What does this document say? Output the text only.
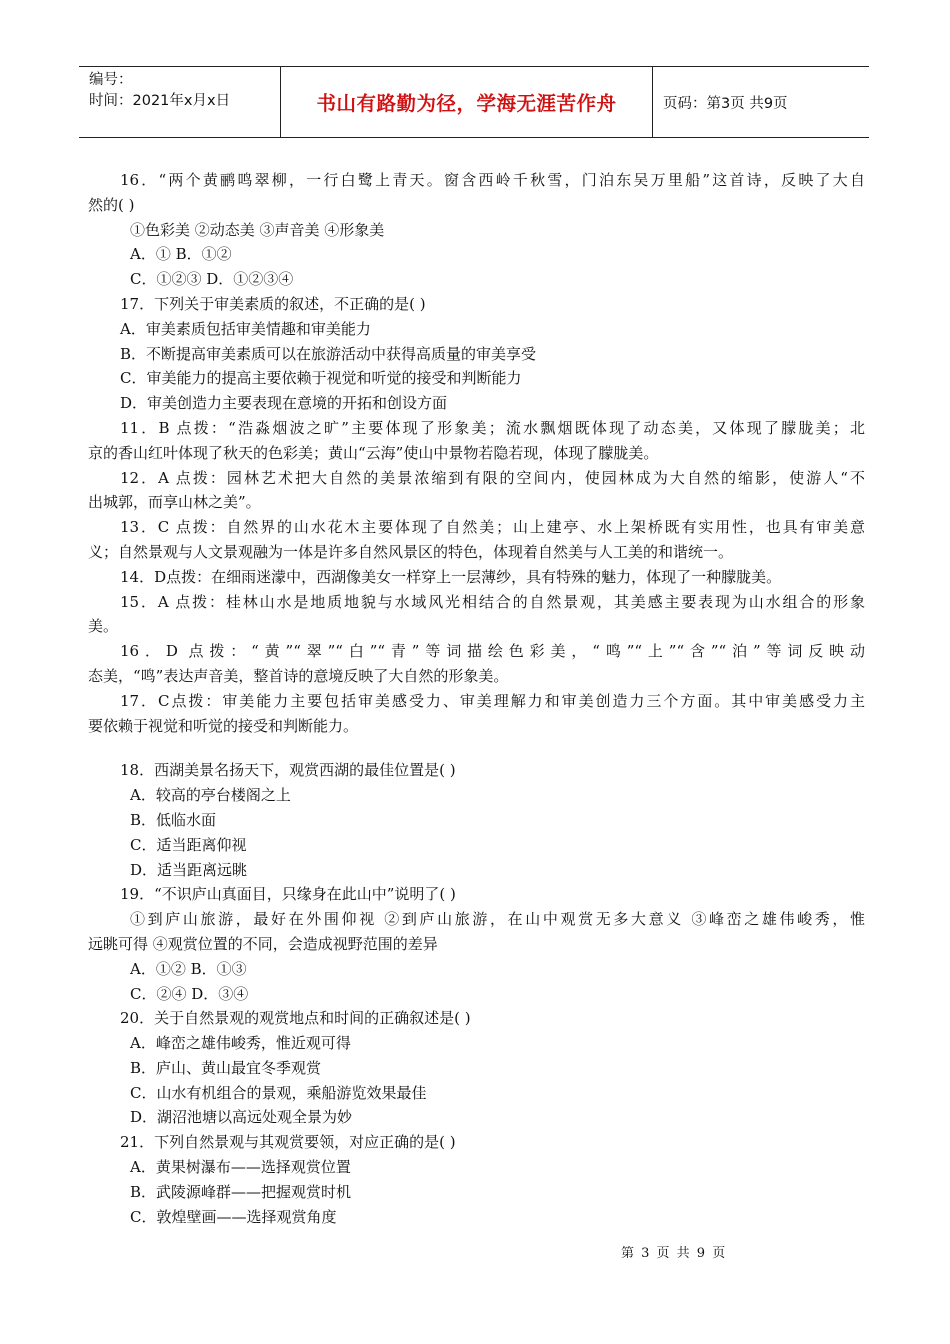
编号：
时间：2021年x月x日	书山有路勤为径，学海无涯苦作舟	页码：第3页 共9页
16．“两个黄鹂鸣翠柳，一行白鹭上青天。窗含西岭千秋雪，门泊东吴万里船”这首诗，反映了大自
然的( )
①色彩美 ②动态美 ③声音美 ④形象美
A．① B．①②
C．①②③ D．①②③④
17．下列关于审美素质的叙述，不正确的是( )
A．审美素质包括审美情趣和审美能力
B．不断提高审美素质可以在旅游活动中获得高质量的审美享受
C．审美能力的提高主要依赖于视觉和听觉的接受和判断能力
D．审美创造力主要表现在意境的开拓和创设方面
11．B 点拨：“浩淼烟波之旷”主要体现了形象美；流水飘烟既体现了动态美，又体现了朦胧美；北
京的香山红叶体现了秋天的色彩美；黄山“云海”使山中景物若隐若现，体现了朦胧美。
12．A 点拨：园林艺术把大自然的美景浓缩到有限的空间内，使园林成为大自然的缩影，使游人“不
出城郭，而享山林之美”。
13．C 点拨：自然界的山水花木主要体现了自然美；山上建亭、水上架桥既有实用性，也具有审美意
义；自然景观与人文景观融为一体是许多自然风景区的特色，体现着自然美与人工美的和谐统一。
14．D点拨：在细雨迷濛中，西湖像美女一样穿上一层薄纱，具有特殊的魅力，体现了一种朦胧美。
15．A 点拨：桂林山水是地质地貌与水域风光相结合的自然景观，其美感主要表现为山水组合的形象
美。
16．D 点拨：“黄”“翠”“白”“青”等词描绘色彩美，“鸣”“上”“含”“泊”等词反映动
态美，“鸣”表达声音美，整首诗的意境反映了大自然的形象美。
17．C点拨：审美能力主要包括审美感受力、审美理解力和审美创造力三个方面。其中审美感受力主
要依赖于视觉和听觉的接受和判断能力。
18．西湖美景名扬天下，观赏西湖的最佳位置是( )
A．较高的亭台楼阁之上
B．低临水面
C．适当距离仰视
D．适当距离远眺
19．“不识庐山真面目，只缘身在此山中”说明了( )
①到庐山旅游，最好在外围仰视 ②到庐山旅游，在山中观赏无多大意义 ③峰峦之雄伟峻秀，惟
远眺可得 ④观赏位置的不同，会造成视野范围的差异
A．①② B．①③
C．②④ D．③④
20．关于自然景观的观赏地点和时间的正确叙述是( )
A．峰峦之雄伟峻秀，惟近观可得
B．庐山、黄山最宜冬季观赏
C．山水有机组合的景观，乘船游览效果最佳
D．湖沼池塘以高远处观全景为妙
21．下列自然景观与其观赏要领，对应正确的是( )
A．黄果树瀑布——选择观赏位置
B．武陵源峰群——把握观赏时机
C．敦煌壁画——选择观赏角度
第 3 页 共 9 页
